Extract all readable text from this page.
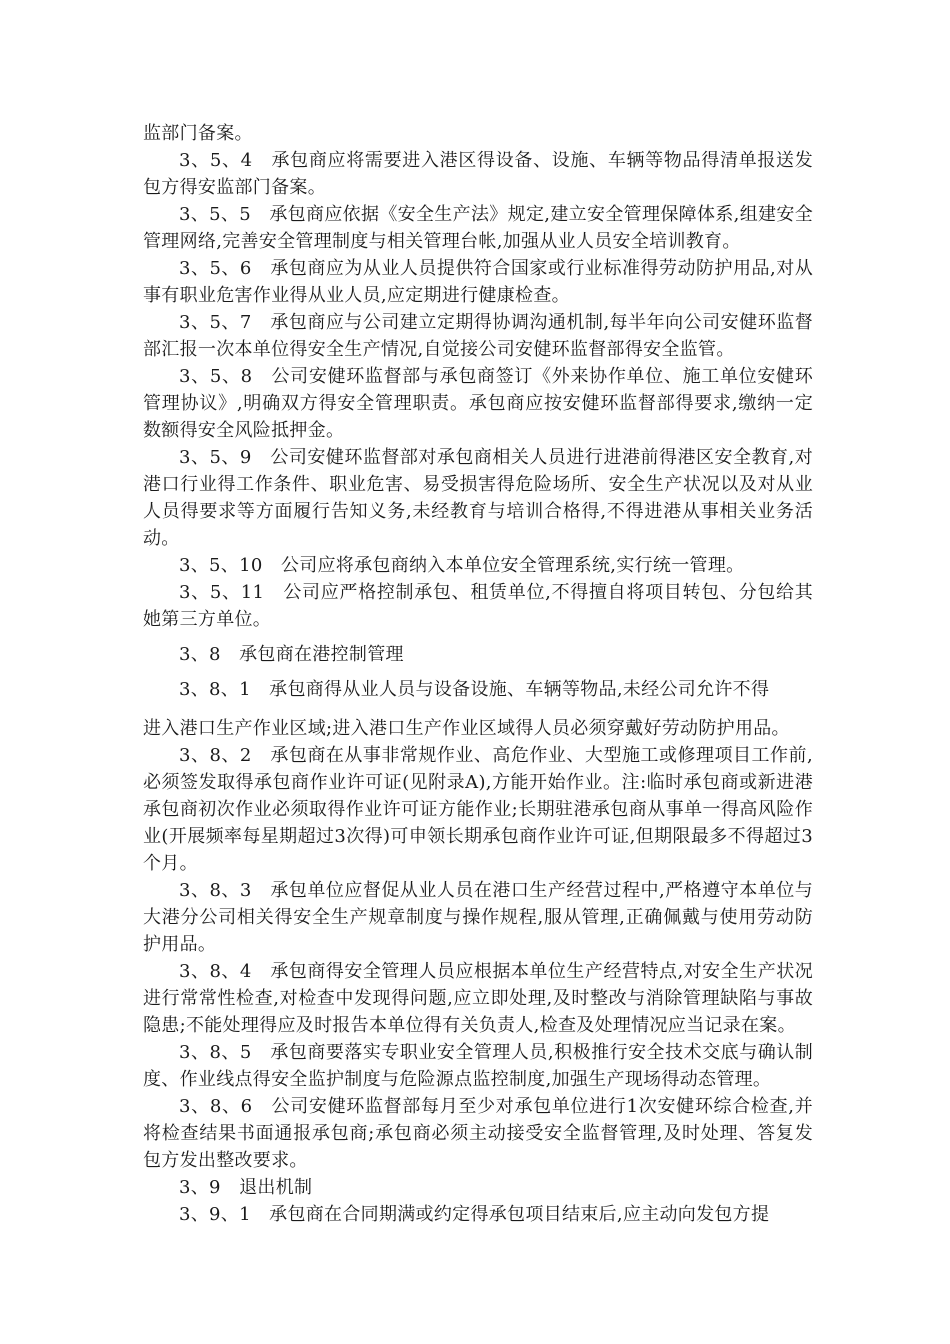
监部门备案。

3、5、4　承包商应将需要进入港区得设备、设施、车辆等物品得清单报送发包方得安监部门备案。

3、5、5　承包商应依据《安全生产法》规定,建立安全管理保障体系,组建安全管理网络,完善安全管理制度与相关管理台帐,加强从业人员安全培训教育。

3、5、6　承包商应为从业人员提供符合国家或行业标准得劳动防护用品,对从事有职业危害作业得从业人员,应定期进行健康检查。

3、5、7　承包商应与公司建立定期得协调沟通机制,每半年向公司安健环监督部汇报一次本单位得安全生产情况,自觉接公司安健环监督部得安全监管。

3、5、8　公司安健环监督部与承包商签订《外来协作单位、施工单位安健环管理协议》,明确双方得安全管理职责。承包商应按安健环监督部得要求,缴纳一定数额得安全风险抵押金。

3、5、9　公司安健环监督部对承包商相关人员进行进港前得港区安全教育,对港口行业得工作条件、职业危害、易受损害得危险场所、安全生产状况以及对从业人员得要求等方面履行告知义务,未经教育与培训合格得,不得进港从事相关业务活动。

3、5、10　公司应将承包商纳入本单位安全管理系统,实行统一管理。

3、5、11　公司应严格控制承包、租赁单位,不得擅自将项目转包、分包给其她第三方单位。

3、8　承包商在港控制管理

3、8、1　承包商得从业人员与设备设施、车辆等物品,未经公司允许不得

进入港口生产作业区域;进入港口生产作业区域得人员必须穿戴好劳动防护用品。

3、8、2　承包商在从事非常规作业、高危作业、大型施工或修理项目工作前,必须签发取得承包商作业许可证(见附录A),方能开始作业。注:临时承包商或新进港承包商初次作业必须取得作业许可证方能作业;长期驻港承包商从事单一得高风险作业(开展频率每星期超过3次得)可申领长期承包商作业许可证,但期限最多不得超过3个月。

3、8、3　承包单位应督促从业人员在港口生产经营过程中,严格遵守本单位与大港分公司相关得安全生产规章制度与操作规程,服从管理,正确佩戴与使用劳动防护用品。

3、8、4　承包商得安全管理人员应根据本单位生产经营特点,对安全生产状况进行常常性检查,对检查中发现得问题,应立即处理,及时整改与消除管理缺陷与事故隐患;不能处理得应及时报告本单位得有关负责人,检查及处理情况应当记录在案。

3、8、5　承包商要落实专职业安全管理人员,积极推行安全技术交底与确认制度、作业线点得安全监护制度与危险源点监控制度,加强生产现场得动态管理。

3、8、6　公司安健环监督部每月至少对承包单位进行1次安健环综合检查,并将检查结果书面通报承包商;承包商必须主动接受安全监督管理,及时处理、答复发包方发出整改要求。

3、9　退出机制

3、9、1　承包商在合同期满或约定得承包项目结束后,应主动向发包方提
